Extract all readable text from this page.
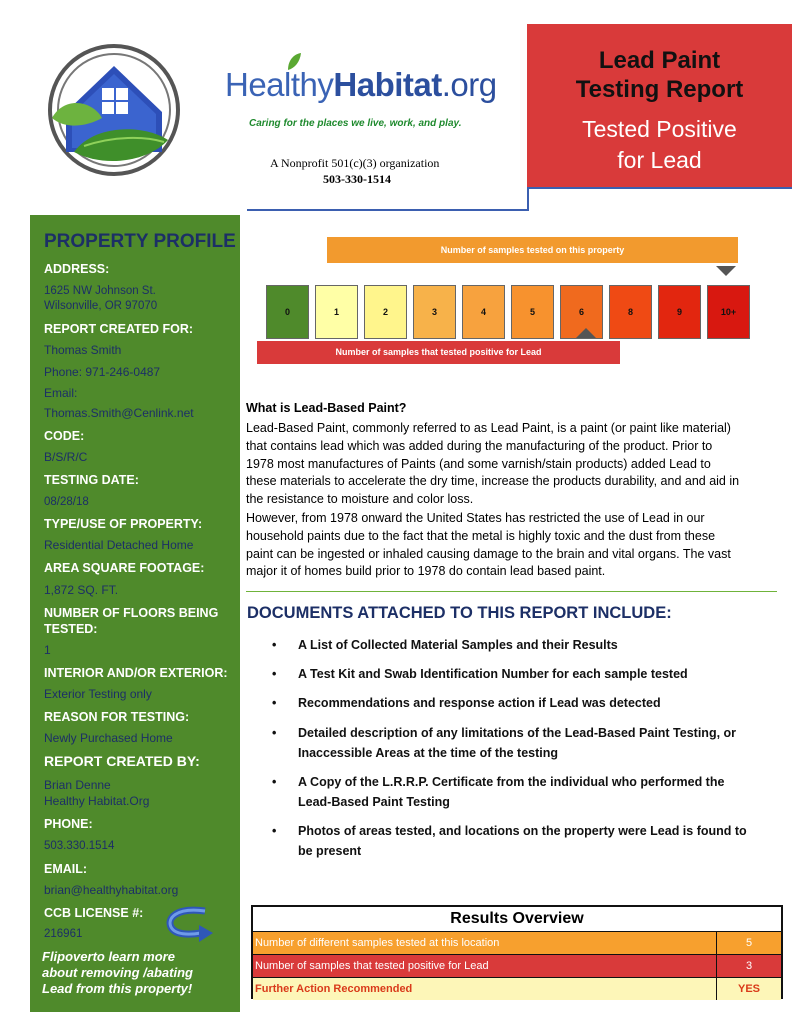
HealthyHabitat.org
Caring for the places we live, work, and play.
A Nonprofit 501(c)(3) organization
503-330-1514
Lead Paint
Testing Report
Tested Positive
for Lead
PROPERTY PROFILE
ADDRESS:
1625 NW Johnson St.
Wilsonville, OR 97070
REPORT CREATED FOR:
Thomas Smith
Phone: 971-246-0487
Email:
Thomas.Smith@Cenlink.net
CODE:
B/S/R/C
TESTING DATE:
08/28/18
TYPE/USE OF PROPERTY:
Residential Detached Home
AREA SQUARE FOOTAGE:
1,872 SQ. FT.
NUMBER OF FLOORS BEING
TESTED:
1
INTERIOR AND/OR EXTERIOR:
Exterior Testing only
REASON FOR TESTING:
Newly Purchased Home
REPORT CREATED BY:
Brian Denne
Healthy Habitat.Org
PHONE:
503.330.1514
EMAIL:
brian@healthyhabitat.org
CCB LICENSE #:
216961
Flipoverto learn more
about removing /abating
Lead from this property!
Number of samples tested on this property
0	1	2	3	4	5	6	8	9	10+
Number of samples that tested positive for Lead
What is Lead-Based Paint?
Lead-Based Paint, commonly referred to as Lead Paint, is a paint (or paint like material)
that contains lead which was added during the manufacturing of the product. Prior to
1978 most manufactures of Paints (and some varnish/stain products) added Lead to
these materials to accelerate the dry time, increase the products durability, and and aid in
the resistance to moisture and color loss.
However, from 1978 onward the United States has restricted the use of Lead in our
household paints due to the fact that the metal is highly toxic and the dust from these
paint can be ingested or inhaled causing damage to the brain and vital organs. The vast
major it of homes build prior to 1978 do contain lead based paint.
DOCUMENTS ATTACHED TO THIS REPORT INCLUDE:
• A List of Collected Material Samples and their Results
• A Test Kit and Swab Identification Number for each sample tested
• Recommendations and response action if Lead was detected
• Detailed description of any limitations of the Lead-Based Paint Testing, or
Inaccessible Areas at the time of the testing
• A Copy of the L.R.R.P. Certificate from the individual who performed the
Lead-Based Paint Testing
• Photos of areas tested, and locations on the property were Lead is found to
be present
Results Overview
Number of different samples tested at this location	5
Number of samples that tested positive for Lead	3
Further Action Recommended	YES
